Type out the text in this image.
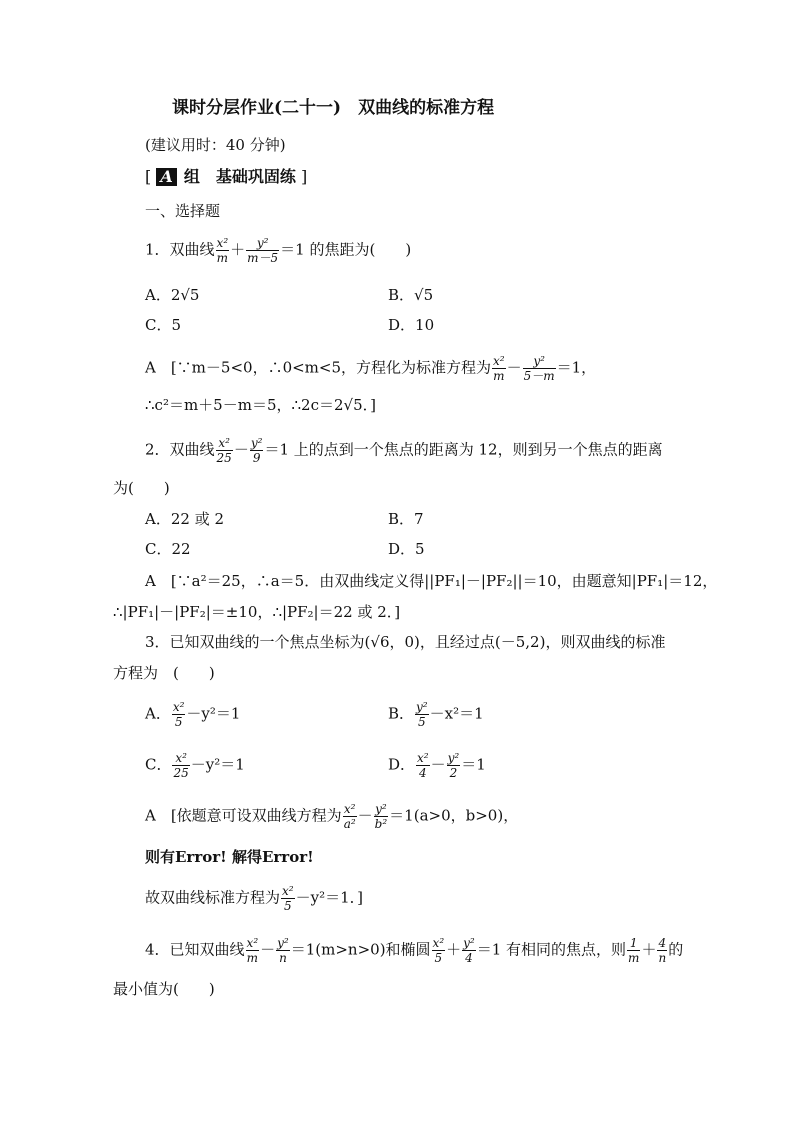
课时分层作业(二十一)　双曲线的标准方程
(建议用时：40 分钟)
[ A 组　基础巩固练 ]
一、选择题
1．双曲线 $\frac{\text{x²}}{m} + \frac{\text{y²}}{m-5} =1$ 的焦距为(　　)
A．2√5	B．√5
C．5	D．10
A　[∵m－5<0，∴0<m<5，方程化为标准方程为 $\frac{\text{x²}}{m} - \frac{\text{y²}}{5-m} =1$，
∴c²＝m＋5－m＝5，∴2c＝2√5．]
2．双曲线 $\frac{\text{x²}}{25} - \frac{\text{y²}}{9} =1$ 上的点到一个焦点的距离为 12，则到另一个焦点的距离
为(　　)
A．22 或 2	B．7
C．22	D．5
A　[∵a²＝25，∴a＝5．由双曲线定义得||PF₁|－|PF₂||＝10，由题意知|PF₁|＝12，
∴|PF₁|－|PF₂|＝±10，∴|PF₂|＝22 或 2．]
3．已知双曲线的一个焦点坐标为(√6，0)，且经过点(－5,2)，则双曲线的标准
方程为　(　　)
A． $\frac{\text{x²}}{5} -y^2=1$	B． $\frac{\text{y²}}{5} -x^2=1$
C． $\frac{\text{x²}}{25} -y^2=1$	D． $\frac{\text{x²}}{4} - \frac{\text{y²}}{2} =1$
A　[依题意可设双曲线方程为 $\frac{\text{x²}}{\text{a²}} - \frac{\text{y²}}{\text{b²}} =1(a>0$，b>0)，
则有Error! 解得Error!
故双曲线标准方程为 $\frac{\text{x²}}{5} -y^2=1$．]
4．已知双曲线 $\frac{\text{x²}}{m} - \frac{\text{y²}}{n} =1(m>n>0)$和椭圆 $\frac{\text{x²}}{5} + \frac{\text{y²}}{4} =1$ 有相同的焦点，则 $\frac{1}{m} + \frac{4}{n}$ 的
最小值为(　　)
